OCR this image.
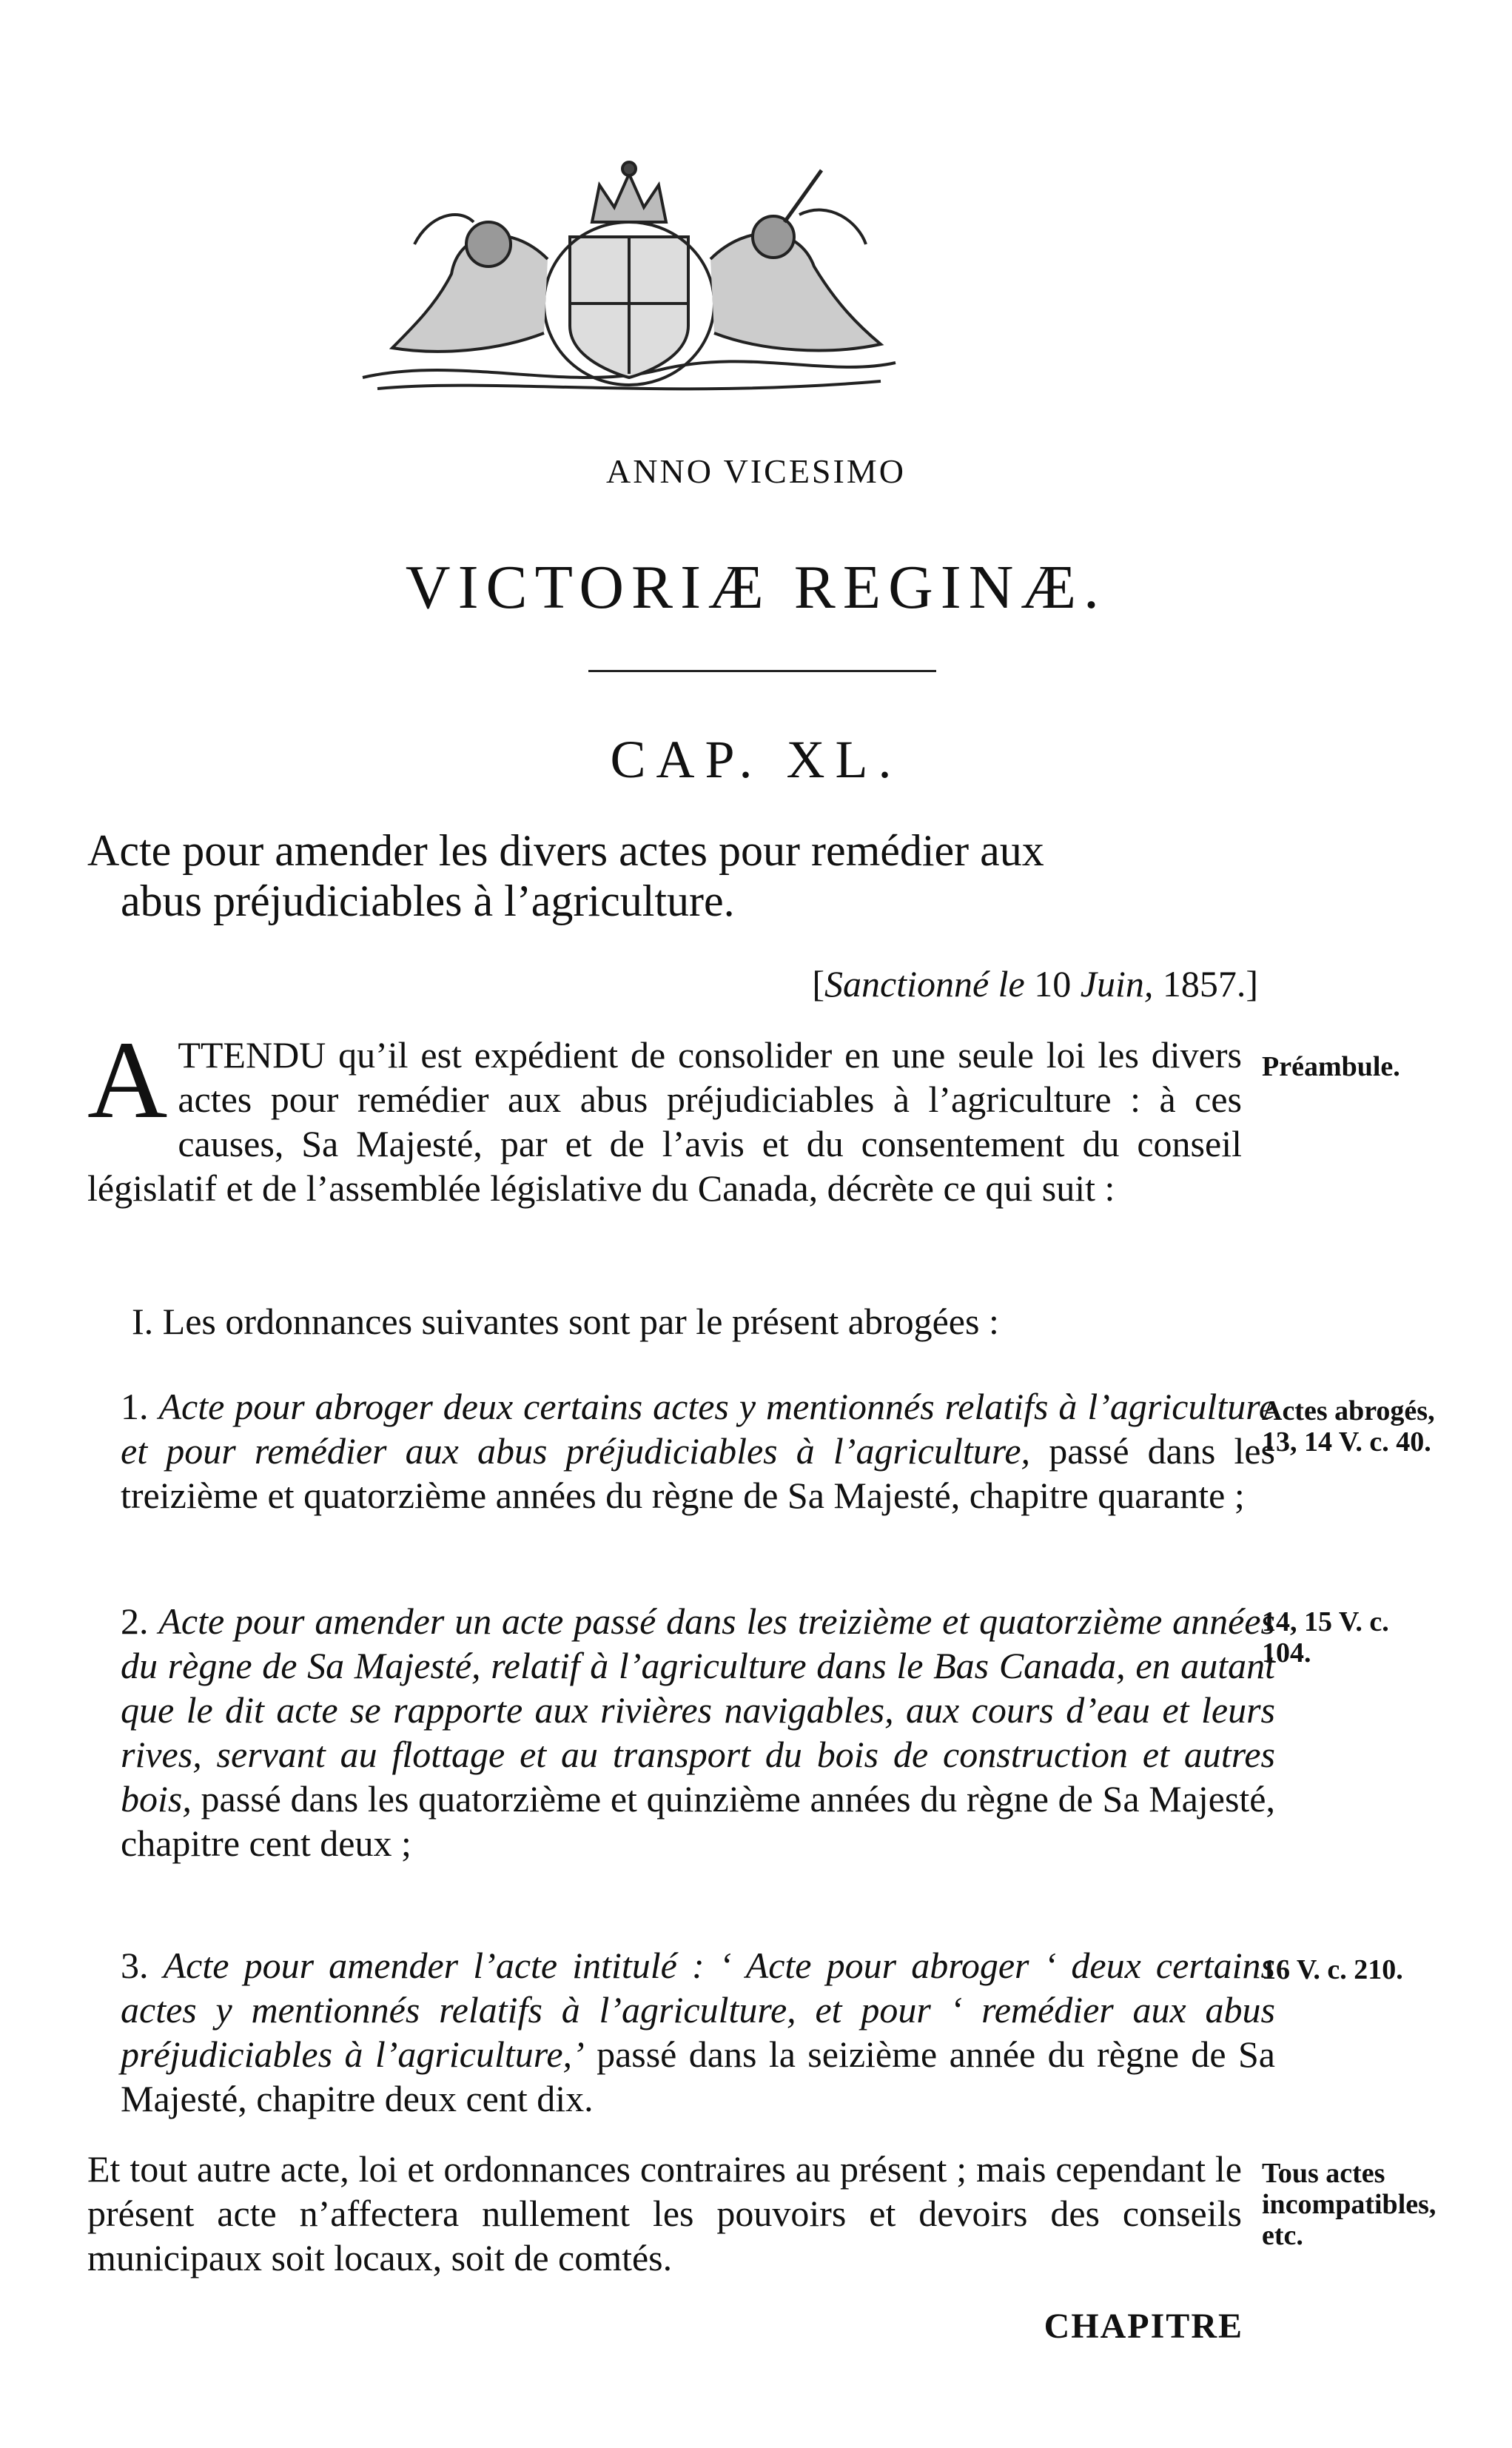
ANNO VICESIMO
VICTORIÆ REGINÆ.
CAP. XL.
Acte pour amender les divers actes pour remédier aux
abus préjudiciables à l’agriculture.
[Sanctionné le 10 Juin, 1857.]
ATTENDU qu’il est expédient de consolider en une seule loi les divers actes pour remédier aux abus préjudiciables à l’agriculture : à ces causes, Sa Majesté, par et de l’avis et du consentement du conseil législatif et de l’assemblée législative du Canada, décrète ce qui suit :
I. Les ordonnances suivantes sont par le présent abrogées :
1. Acte pour abroger deux certains actes y mentionnés relatifs à l’agriculture et pour remédier aux abus préjudiciables à l’agriculture, passé dans les treizième et quatorzième années du règne de Sa Majesté, chapitre quarante ;
2. Acte pour amender un acte passé dans les treizième et quatorzième années du règne de Sa Majesté, relatif à l’agriculture dans le Bas Canada, en autant que le dit acte se rapporte aux rivières navigables, aux cours d’eau et leurs rives, servant au flottage et au transport du bois de construction et autres bois, passé dans les quatorzième et quinzième années du règne de Sa Majesté, chapitre cent deux ;
3. Acte pour amender l’acte intitulé : ‘ Acte pour abroger ‘ deux certains actes y mentionnés relatifs à l’agriculture, et pour ‘ remédier aux abus préjudiciables à l’agriculture,’ passé dans la seizième année du règne de Sa Majesté, chapitre deux cent dix.
Et tout autre acte, loi et ordonnances contraires au présent ; mais cependant le présent acte n’affectera nullement les pouvoirs et devoirs des conseils municipaux soit locaux, soit de comtés.
Préambule.
Actes abrogés,
13, 14 V. c. 40.
14, 15 V. c.
104.
16 V. c. 210.
Tous actes
incompatibles,
etc.
CHAPITRE
